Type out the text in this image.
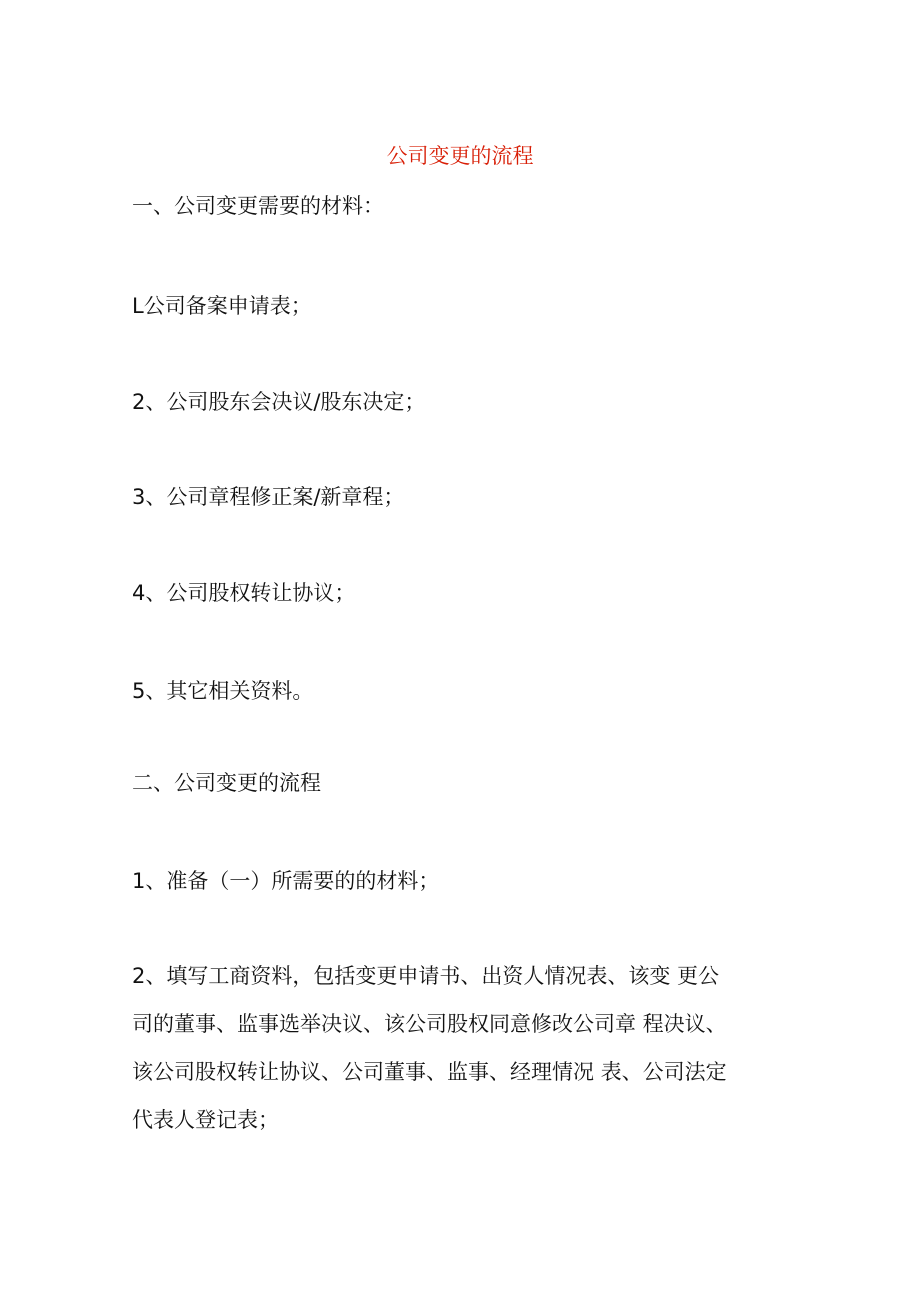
公司变更的流程
一、公司变更需要的材料：
L公司备案申请表；
2、公司股东会决议/股东决定；
3、公司章程修正案/新章程；
4、公司股权转让协议；
5、其它相关资料。
二、公司变更的流程
1、准备（一）所需要的的材料；
2、填写工商资料，包括变更申请书、出资人情况表、该变 更公
司的董事、监事选举决议、该公司股权同意修改公司章 程决议、
该公司股权转让协议、公司董事、监事、经理情况 表、公司法定
代表人登记表；
